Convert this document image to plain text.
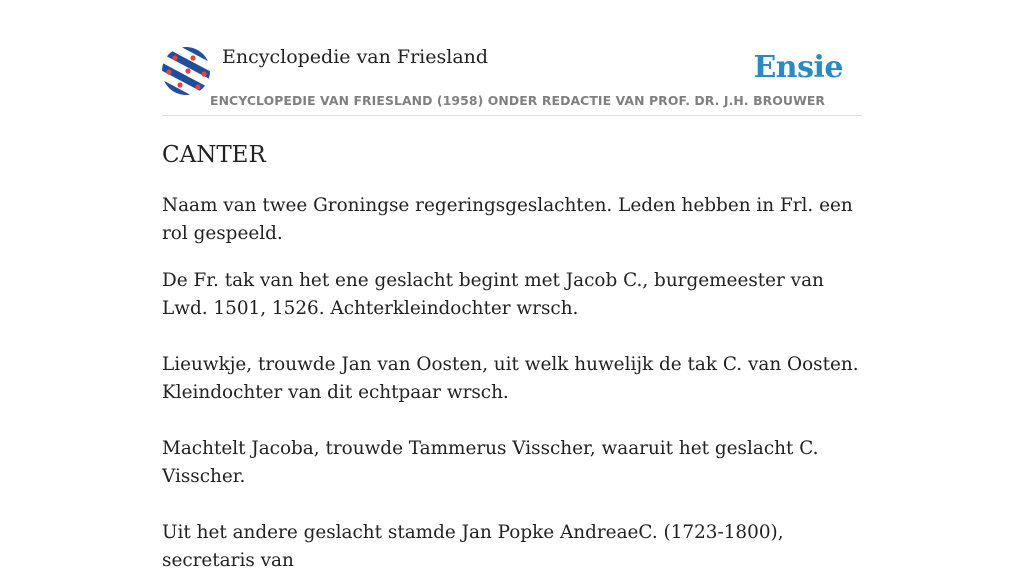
Encyclopedie van Friesland	Ensie
ENCYCLOPEDIE VAN FRIESLAND (1958) ONDER REDACTIE VAN PROF. DR. J.H. BROUWER
CANTER

Naam van twee Groningse regeringsgeslachten. Leden hebben in Frl. een rol gespeeld.

De Fr. tak van het ene geslacht begint met Jacob C., burgemeester van Lwd. 1501, 1526. Achterkleindochter wrsch.

Lieuwkje, trouwde Jan van Oosten, uit welk huwelijk de tak C. van Oosten. Kleindochter van dit echtpaar wrsch.

Machtelt Jacoba, trouwde Tammerus Visscher, waaruit het geslacht C. Visscher.

Uit het andere geslacht stamde Jan Popke AndreaeC. (1723-1800), secretaris van
